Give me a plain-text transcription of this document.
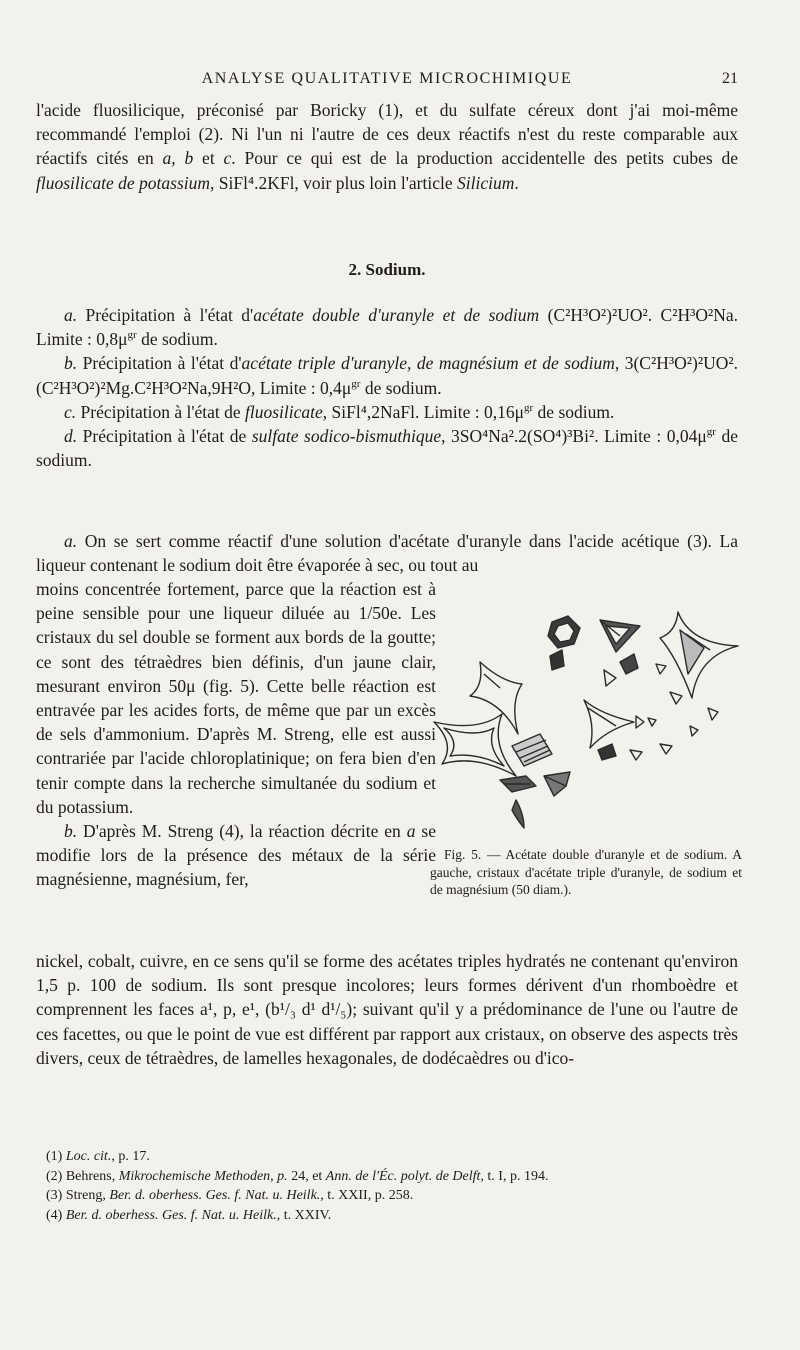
ANALYSE QUALITATIVE MICROCHIMIQUE	21

l'acide fluosilicique, préconisé par Boricky (1), et du sulfate céreux dont j'ai moi-même recommandé l'emploi (2). Ni l'un ni l'autre de ces deux réactifs n'est du reste comparable aux réactifs cités en a, b et c. Pour ce qui est de la production accidentelle des petits cubes de fluosilicate de potassium, SiFl⁴.2KFl, voir plus loin l'article Silicium.

2. Sodium.

a. Précipitation à l'état d'acétate double d'uranyle et de sodium (C²H³O²)²UO². C²H³O²Na. Limite : $0,8\mu^{gr}$ de sodium.

b. Précipitation à l'état d'acétate triple d'uranyle, de magnésium et de sodium, 3(C²H³O²)²UO².(C²H³O²)²Mg.C²H³O²Na,9H²O, Limite : $0,4\mu^{gr}$ de sodium.

c. Précipitation à l'état de fluosilicate, SiFl⁴,2NaFl. Limite : $0,16\mu^{gr}$ de sodium.

d. Précipitation à l'état de sulfate sodico-bismuthique, 3SO⁴Na².2(SO⁴)³Bi². Limite : $0,04\mu^{gr}$ de sodium.

a. On se sert comme réactif d'une solution d'acétate d'uranyle dans l'acide acétique (3). La liqueur contenant le sodium doit être évaporée à sec, ou tout au

moins concentrée fortement, parce que la réaction est à peine sensible pour une liqueur diluée au 1/50e. Les cristaux du sel double se forment aux bords de la goutte; ce sont des tétraèdres bien définis, d'un jaune clair, mesurant environ 50μ (fig. 5). Cette belle réaction est entravée par les acides forts, de même que par un excès de sels d'ammonium. D'après M. Streng, elle est aussi contrariée par l'acide chloroplatinique; on fera bien d'en tenir compte dans la recherche simultanée du sodium et du potassium.

b. D'après M. Streng (4), la réaction décrite en a se modifie lors de la présence des métaux de la série magnésienne, magnésium, fer,

nickel, cobalt, cuivre, en ce sens qu'il se forme des acétates triples hydratés ne contenant qu'environ 1,5 p. 100 de sodium. Ils sont presque incolores; leurs formes dérivent d'un rhomboèdre et comprennent les faces a¹, p, e¹, (b¹/₃ d¹ d¹/₅); suivant qu'il y a prédominance de l'une ou l'autre de ces facettes, ou que le point de vue est différent par rapport aux cristaux, on observe des aspects très divers, ceux de tétraèdres, de lamelles hexagonales, de dodécaèdres ou d'ico-

(1) Loc. cit., p. 17.

(2) Behrens, Mikrochemische Methoden, p. 24, et Ann. de l'Éc. polyt. de Delft, t. I, p. 194.

(3) Streng, Ber. d. oberhess. Ges. f. Nat. u. Heilk., t. XXII, p. 258.

(4) Ber. d. oberhess. Ges. f. Nat. u. Heilk., t. XXIV.

Fig. 5. — Acétate double d'uranyle et de sodium. A gauche, cristaux d'acétate triple d'uranyle, de sodium et de magnésium (50 diam.).
